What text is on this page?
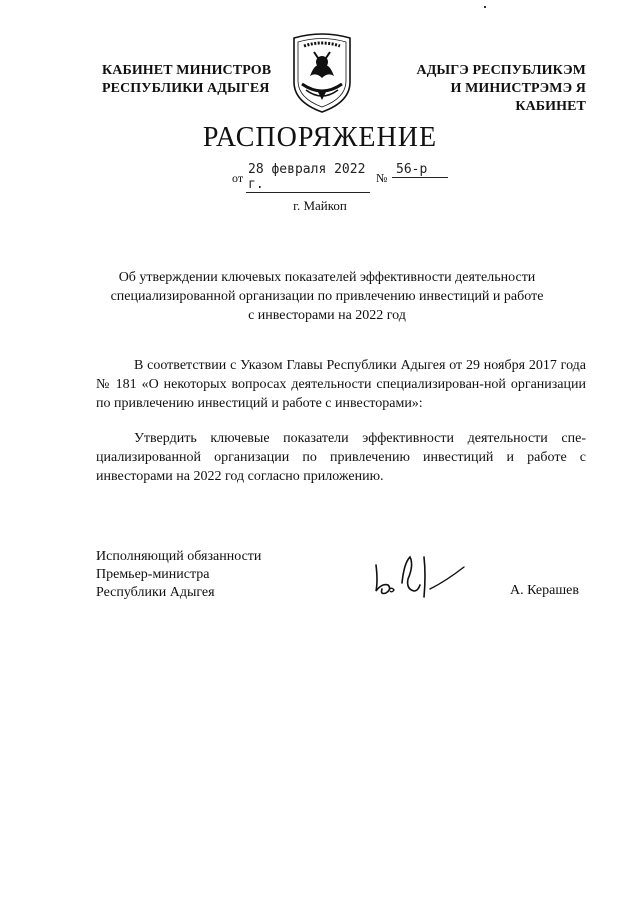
КАБИНЕТ МИНИСТРОВ
РЕСПУБЛИКИ АДЫГЕЯ
АДЫГЭ РЕСПУБЛИКЭМ
И МИНИСТРЭМЭ Я КАБИНЕТ
РАСПОРЯЖЕНИЕ
от
28 февраля 2022 г.	№
56-р
г. Майкоп
Об утверждении ключевых показателей эффективности деятельности
специализированной организации по привлечению инвестиций и работе
с инвесторами на 2022 год
В соответствии с Указом Главы Республики Адыгея от 29 ноября 2017 года № 181 «О некоторых вопросах деятельности специализирован-ной организации по привлечению инвестиций и работе с инвесторами»:
Утвердить ключевые показатели эффективности деятельности спе-циализированной организации по привлечению инвестиций и работе с инвесторами на 2022 год согласно приложению.
Исполняющий обязанности
Премьер-министра
Республики Адыгея	А. Керашев
